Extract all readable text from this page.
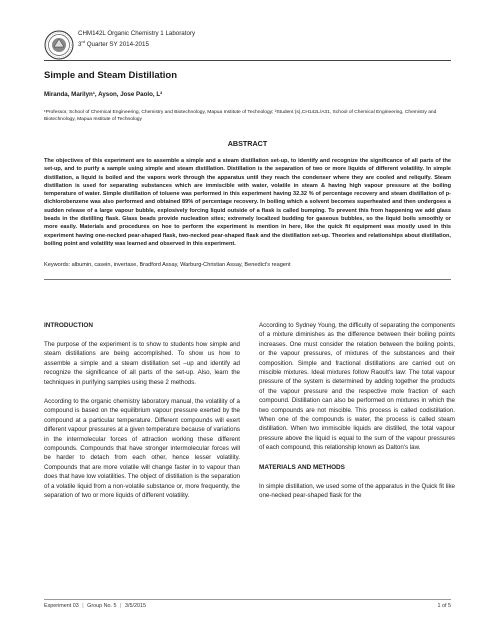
CHM142L Organic Chemistry 1 Laboratory
3rd Quarter SY 2014-2015
Simple and Steam Distillation
Miranda, Marilyn¹, Ayson, Jose Paolo, L²
¹Professor, School of Chemical Engineering, Chemistry and Biotechnology, Mapua Institute of Technology; ²Student (s),CH142L/A31, School of Chemical Engineering, Chemistry and Biotechnology, Mapua Institute of Technology
ABSTRACT
The objectives of this experiment are to assemble a simple and a steam distillation set-up, to identify and recognize the significance of all parts of the set-up, and to purify a sample using simple and steam distillation. Distillation is the separation of two or more liquids of different volatility. In simple distillation, a liquid is boiled and the vapors work through the apparatus until they reach the condenser where they are cooled and reliquify. Steam distillation is used for separating substances which are immiscible with water, volatile in steam & having high vapour pressure at the boiling temperature of water. Simple distillation of toluene was performed in this experiment having 32.32 % of percentage recovery and steam distillation of p-dichlorobenzene was also performed and obtained 89% of percentage recovery. In boiling which a solvent becomes superheated and then undergoes a sudden release of a large vapour bubble, explosively forcing liquid outside of a flask is called bumping. To prevent this from happening we add glass beads in the distilling flask. Glass beads provide nucleation sites; extremely localized budding for gaseous bubbles, so the liquid boils smoothly or more easily. Materials and procedures on hoe to perform the experiment is mention in here, like the quick fit equipment was mostly used in this experiment having one-necked pear-shaped flask, two-necked pear-shaped flask and the distillation set-up. Theories and relationships about distillation, boiling point and volatility was learned and observed in this experiment.
Keywords: albumin, casein, invertase, Bradford Assay, Warburg-Christian Assay, Benedict's reagent
INTRODUCTION

The purpose of the experiment is to show to students how simple and steam distillations are being accomplished. To show us how to assemble a simple and a steam distillation set –up and identify ad recognize the significance of all parts of the set-up. Also, learn the techniques in purifying samples using these 2 methods.

According to the organic chemistry laboratory manual, the volatility of a compound is based on the equilibrium vapour pressure exerted by the compound at a particular temperature. Different compounds will exert different vapour pressures at a given temperature because of variations in the intermolecular forces of attraction working these different compounds. Compounds that have stronger intermolecular forces will be harder to detach from each other, hence lesser volatility. Compounds that are more volatile will change faster in to vapour than does that have low volatilities. The object of distillation is the separation of a volatile liquid from a non-volatile substance or, more frequently, the separation of two or more liquids of different volatility.

According to Sydney Young, the difficulty of separating the components of a mixture diminishes as the difference between their boiling points increases. One must consider the relation between the boiling points, or the vapour pressures, of mixtures of the substances and their composition. Simple and fractional distillations are carried out on miscible mixtures. Ideal mixtures follow Raoult's law: The total vapour pressure of the system is determined by adding together the products of the vapour pressure and the respective mole fraction of each compound. Distillation can also be performed on mixtures in which the two compounds are not miscible. This process is called codistillation. When one of the compounds is water, the process is called steam distillation. When two immiscible liquids are distilled, the total vapour pressure above the liquid is equal to the sum of the vapour pressures of each compound, this relationship known as Dalton's law.

MATERIALS AND METHODS

In simple distillation, we used some of the apparatus in the Quick fit like one-necked pear-shaped flask for the

Experiment 03 | Group No. 5 | 3/5/2015	1 of 5
